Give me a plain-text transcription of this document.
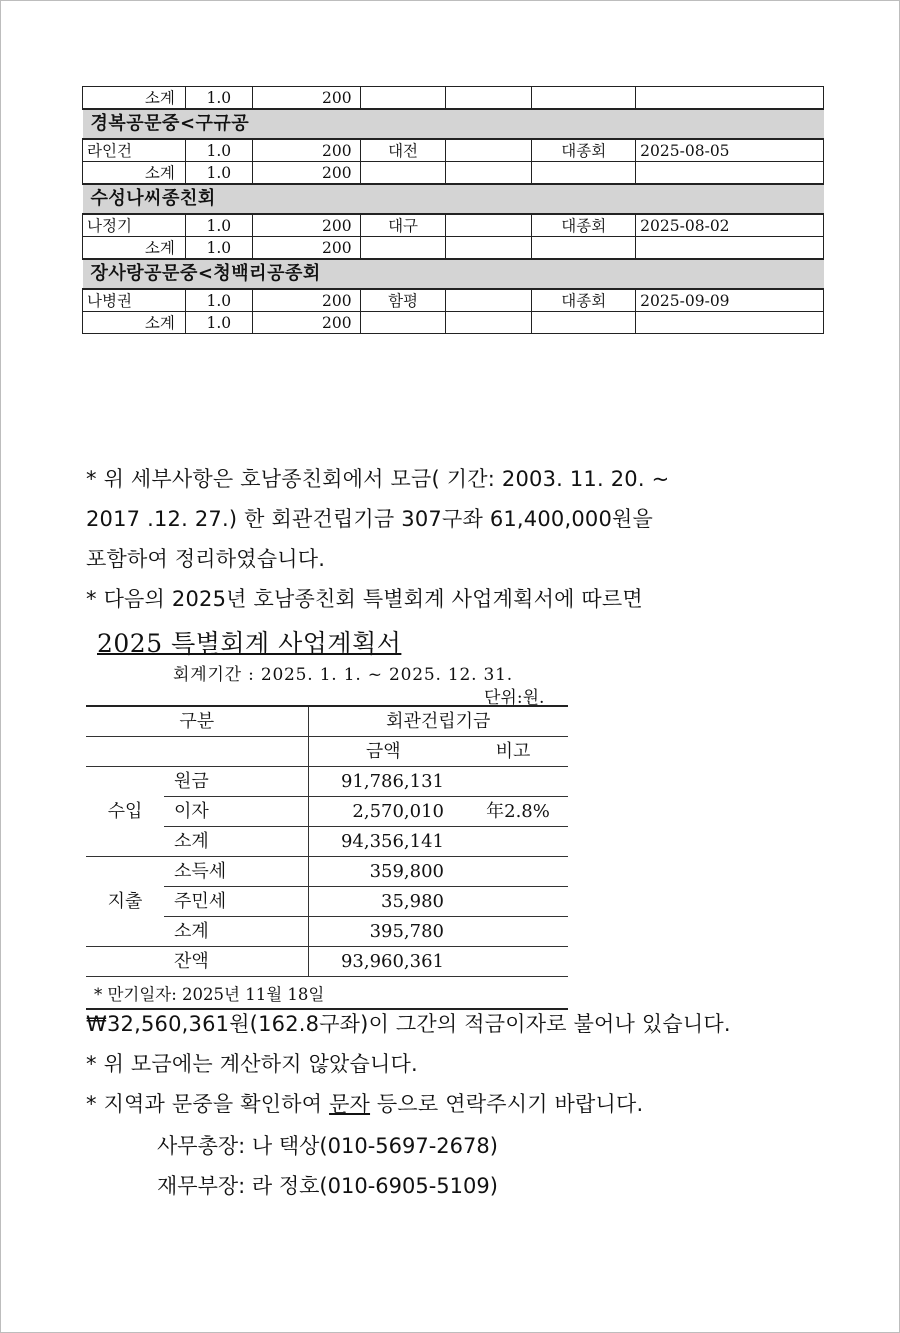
소계	1.0	200				
경복공문중<구규공						
라인건	1.0	200	대전		대종회	2025-08-05
소계	1.0	200				
수성나씨종친회						
나정기	1.0	200	대구		대종회	2025-08-02
소계	1.0	200				
장사랑공문중<청백리공종회						
나병권	1.0	200	함평		대종회	2025-09-09
소계	1.0	200				
* 위 세부사항은 호남종친회에서 모금( 기간: 2003. 11. 20. ~
2017 .12. 27.) 한 회관건립기금 307구좌 61,400,000원을
포함하여 정리하였습니다.
* 다음의 2025년 호남종친회 특별회계 사업계획서에 따르면
2025 특별회계 사업계획서
회계기간 : 2025. 1. 1. ~ 2025. 12. 31.
단위:원.
구분		회관건립기금	
		금액	비고
수입	원금	91,786,131	
	이자	2,570,010	年2.8%
	소계	94,356,141	
지출	소득세	359,800	
	주민세	35,980	
	소계	395,780	
	잔액	93,960,361	
* 만기일자: 2025년 11월 18일
₩32,560,361원(162.8구좌)이 그간의 적금이자로 불어나 있습니다.
* 위 모금에는 계산하지 않았습니다.
* 지역과 문중을 확인하여 문자 등으로 연락주시기 바랍니다.
사무총장: 나 택상(010-5697-2678)
재무부장: 라 정호(010-6905-5109)
